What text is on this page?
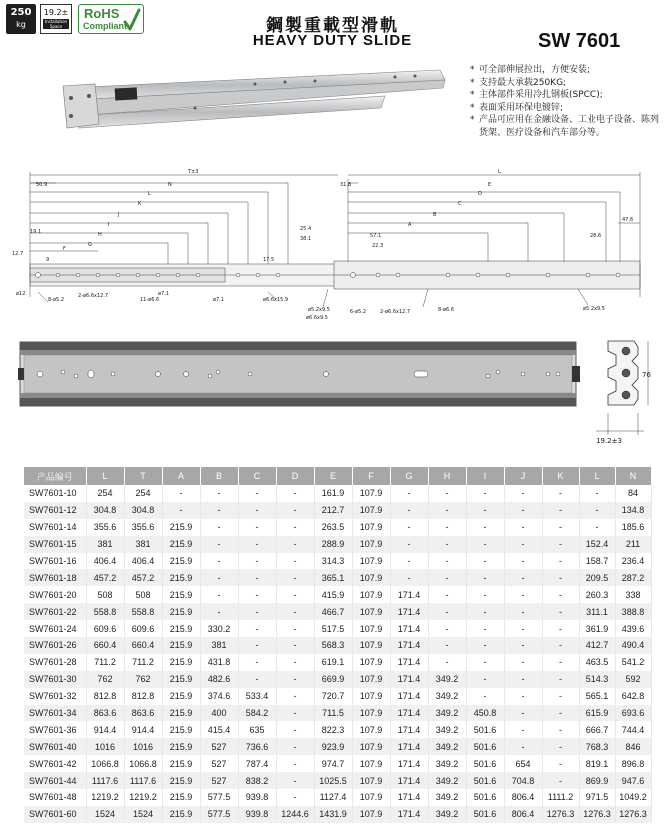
250
kg
19.2±
Installation Space
RoHS
Compliant	鋼製重載型滑軌
HEAVY DUTY SLIDE	SW 7601
* 可全部伸展拉出，方便安装;
* 支持最大承载250KG;
* 主体部件采用冷扎钢板(SPCC);
* 表面采用环保电镀锌;
* 产品可应用在金融设备、工业电子设备、陈列货架、医疗设备和汽车部分等。
T±3	L
50.9	N
L
K
J
I
H
G
F
31.8	E
D
C
B
A
47.6
25.4
38.1
19.1
17.5
12.7
9
57.1
22.3
28.6
ø12
8-ø5.2
2-ø6.6x12.7	ø7.1
11-ø6.6	ø7.1	ø6.6x15.9
ø6.6x9.5
ø5.2x9.5	6-ø5.2	2-ø6.6x12.7	8-ø6.6	ø5.2x9.5
76
19.2±3
产品编号	L	T	A	B	C	D	E	F	G	H	I	J	K	L	N
SW7601-10	254	254	-	-	-	-	161.9	107.9	-	-	-	-	-	-	84
SW7601-12	304.8	304.8	-	-	-	-	212.7	107.9	-	-	-	-	-	-	134.8
SW7601-14	355.6	355.6	215.9	-	-	-	263.5	107.9	-	-	-	-	-	-	185.6
SW7601-15	381	381	215.9	-	-	-	288.9	107.9	-	-	-	-	-	152.4	211
SW7601-16	406.4	406.4	215.9	-	-	-	314.3	107.9	-	-	-	-	-	158.7	236.4
SW7601-18	457.2	457.2	215.9	-	-	-	365.1	107.9	-	-	-	-	-	209.5	287.2
SW7601-20	508	508	215.9	-	-	-	415.9	107.9	171.4	-	-	-	-	260.3	338
SW7601-22	558.8	558.8	215.9	-	-	-	466.7	107.9	171.4	-	-	-	-	311.1	388.8
SW7601-24	609.6	609.6	215.9	330.2	-	-	517.5	107.9	171.4	-	-	-	-	361.9	439.6
SW7601-26	660.4	660.4	215.9	381	-	-	568.3	107.9	171.4	-	-	-	-	412.7	490.4
SW7601-28	711.2	711.2	215.9	431.8	-	-	619.1	107.9	171.4	-	-	-	-	463.5	541.2
SW7601-30	762	762	215.9	482.6	-	-	669.9	107.9	171.4	349.2	-	-	-	514.3	592
SW7601-32	812.8	812.8	215.9	374.6	533.4	-	720.7	107.9	171.4	349.2	-	-	-	565.1	642.8
SW7601-34	863.6	863.6	215.9	400	584.2	-	711.5	107.9	171.4	349.2	450.8	-	-	615.9	693.6
SW7601-36	914.4	914.4	215.9	415.4	635	-	822.3	107.9	171.4	349.2	501.6	-	-	666.7	744.4
SW7601-40	1016	1016	215.9	527	736.6	-	923.9	107.9	171.4	349.2	501.6	-	-	768.3	846
SW7601-42	1066.8	1066.8	215.9	527	787.4	-	974.7	107.9	171.4	349.2	501.6	654	-	819.1	896.8
SW7601-44	1117.6	1117.6	215.9	527	838.2	-	1025.5	107.9	171.4	349.2	501.6	704.8	-	869.9	947.6
SW7601-48	1219.2	1219.2	215.9	577.5	939.8	-	1127.4	107.9	171.4	349.2	501.6	806.4	1111.2	971.5	1049.2
SW7601-60	1524	1524	215.9	577.5	939.8	1244.6	1431.9	107.9	171.4	349.2	501.6	806.4	1276.3	1276.3	1276.3
